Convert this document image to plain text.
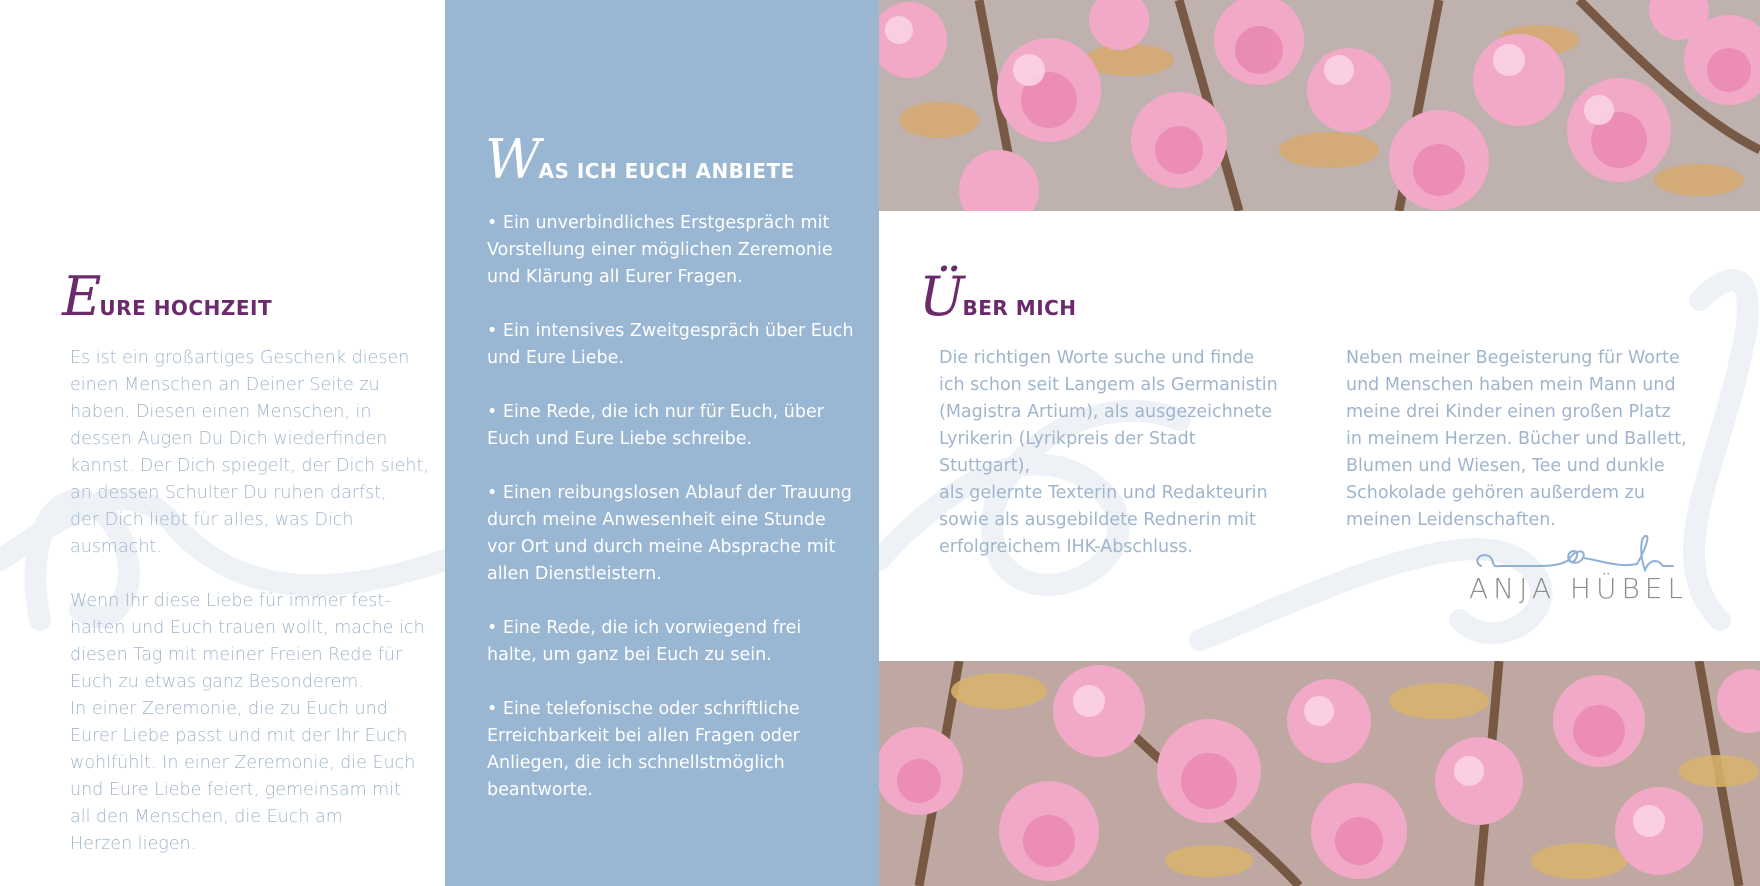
EURE HOCHZEIT

Es ist ein großartiges Geschenk diesen
einen Menschen an Deiner Seite zu
haben. Diesen einen Menschen, in
dessen Augen Du Dich wiederfinden
kannst. Der Dich spiegelt, der Dich sieht,
an dessen Schulter Du ruhen darfst,
der Dich liebt für alles, was Dich ausmacht.

Wenn Ihr diese Liebe für immer fest-
halten und Euch trauen wollt, mache ich
diesen Tag mit meiner Freien Rede für
Euch zu etwas ganz Besonderem.
In einer Zeremonie, die zu Euch und
Eurer Liebe passt und mit der Ihr Euch
wohlfühlt. In einer Zeremonie, die Euch
und Eure Liebe feiert, gemeinsam mit
all den Menschen, die Euch am
Herzen liegen.

WAS ICH EUCH ANBIETE
• Ein unverbindliches Erstgespräch mit
Vorstellung einer möglichen Zeremonie
und Klärung all Eurer Fragen.
• Ein intensives Zweitgespräch über Euch
und Eure Liebe.
• Eine Rede, die ich nur für Euch, über
Euch und Eure Liebe schreibe.
• Einen reibungslosen Ablauf der Trauung
durch meine Anwesenheit eine Stunde
vor Ort und durch meine Absprache mit
allen Dienstleistern.
• Eine Rede, die ich vorwiegend frei
halte, um ganz bei Euch zu sein.
• Eine telefonische oder schriftliche
Erreichbarkeit bei allen Fragen oder
Anliegen, die ich schnellstmöglich
beantworte.
ÜBER MICH
Die richtigen Worte suche und finde
ich schon seit Langem als Germanistin
(Magistra Artium), als ausgezeichnete
Lyrikerin (Lyrikpreis der Stadt Stuttgart),
als gelernte Texterin und Redakteurin
sowie als ausgebildete Rednerin mit
erfolgreichem IHK-Abschluss.
Neben meiner Begeisterung für Worte
und Menschen haben mein Mann und
meine drei Kinder einen großen Platz
in meinem Herzen. Bücher und Ballett,
Blumen und Wiesen, Tee und dunkle
Schokolade gehören außerdem zu
meinen Leidenschaften.
ANJA HÜBEL
